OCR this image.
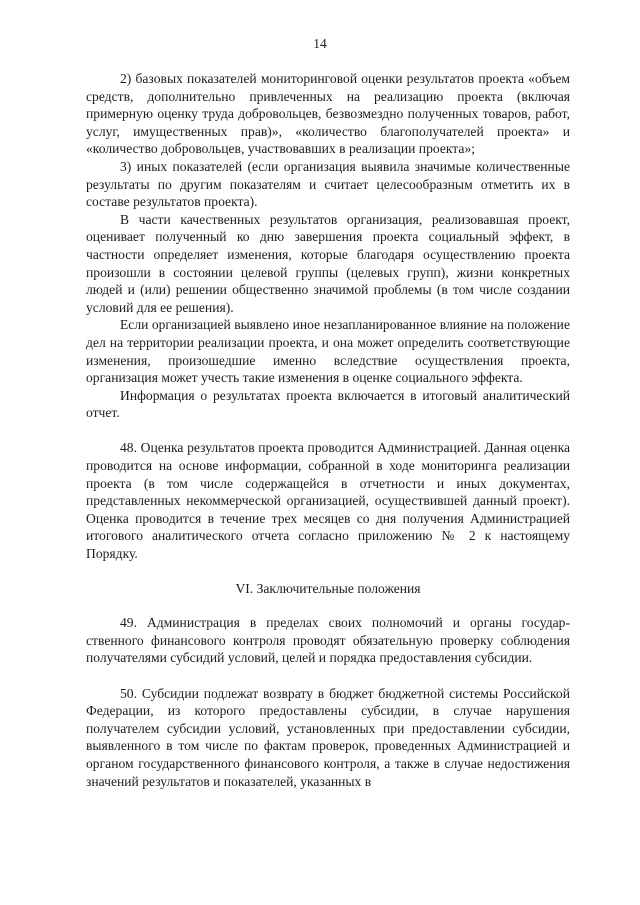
14

2) базовых показателей мониторинговой оценки результатов проекта «объем средств, дополнительно привлеченных на реализацию проекта (включая примерную оценку труда добровольцев, безвозмездно полученных товаров, работ, услуг, имущественных прав)», «количество благополучателей проекта» и «количество добровольцев, участвовавших в реализации проекта»;

3) иных показателей (если организация выявила значимые количественные результаты по другим показателям и считает целесообразным отметить их в составе результатов проекта).

В части качественных результатов организация, реализовавшая проект, оценивает полученный ко дню завершения проекта социальный эффект, в частности определяет изменения, которые благодаря осуществлению проекта произошли в состоянии целевой группы (целевых групп), жизни конкретных людей и (или) решении общественно значимой проблемы (в том числе создании условий для ее решения).

Если организацией выявлено иное незапланированное влияние на положение дел на территории реализации проекта, и она может определить соответствующие изменения, произошедшие именно вследствие осуществления проекта, организация может учесть такие изменения в оценке социального эффекта.

Информация о результатах проекта включается в итоговый аналитический отчет.

48. Оценка результатов проекта проводится Администрацией. Данная оценка проводится на основе информации, собранной в ходе мониторинга реализации проекта (в том числе содержащейся в отчетности и иных документах, представленных некоммерческой организацией, осуществившей данный проект). Оценка проводится в течение трех месяцев со дня получения Администрацией итогового аналитического отчета согласно приложению № 2 к настоящему Порядку.

VI. Заключительные положения

49. Администрация в пределах своих полномочий и органы государственного финансового контроля проводят обязательную проверку соблюдения получателями субсидий условий, целей и порядка предоставления субсидии.

50. Субсидии подлежат возврату в бюджет бюджетной системы Российской Федерации, из которого предоставлены субсидии, в случае нарушения получателем субсидии условий, установленных при предоставлении субсидии, выявленного в том числе по фактам проверок, проведенных Администрацией и органом государственного финансового контроля, а также в случае недостижения значений результатов и показателей, указанных в
